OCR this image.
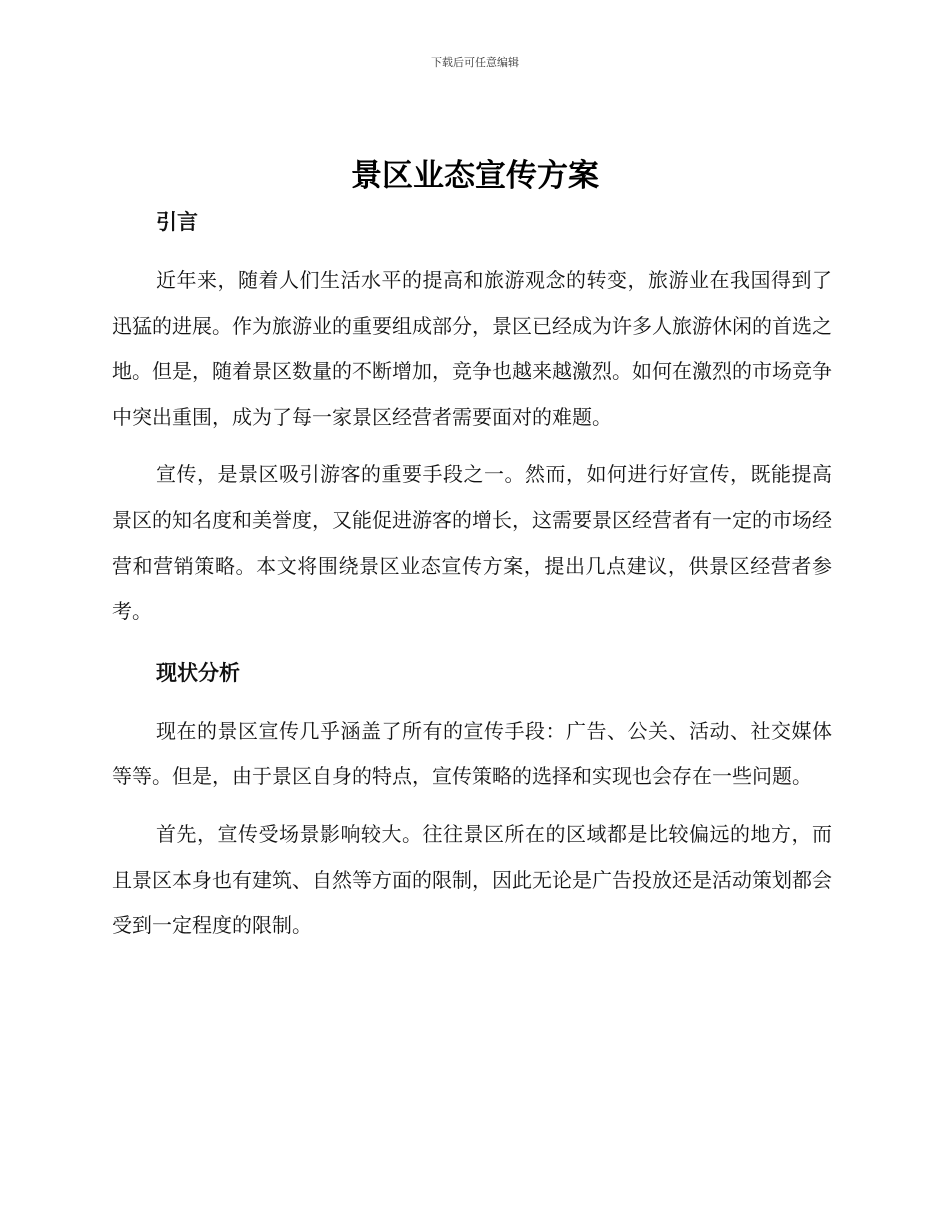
下载后可任意编辑
景区业态宣传方案
引言

近年来，随着人们生活水平的提高和旅游观念的转变，旅游业在我国得到了迅猛的进展。作为旅游业的重要组成部分，景区已经成为许多人旅游休闲的首选之地。但是，随着景区数量的不断增加，竞争也越来越激烈。如何在激烈的市场竞争中突出重围，成为了每一家景区经营者需要面对的难题。

宣传，是景区吸引游客的重要手段之一。然而，如何进行好宣传，既能提高景区的知名度和美誉度，又能促进游客的增长，这需要景区经营者有一定的市场经营和营销策略。本文将围绕景区业态宣传方案，提出几点建议，供景区经营者参考。

现状分析

现在的景区宣传几乎涵盖了所有的宣传手段：广告、公关、活动、社交媒体等等。但是，由于景区自身的特点，宣传策略的选择和实现也会存在一些问题。

首先，宣传受场景影响较大。往往景区所在的区域都是比较偏远的地方，而且景区本身也有建筑、自然等方面的限制，因此无论是广告投放还是活动策划都会受到一定程度的限制。
